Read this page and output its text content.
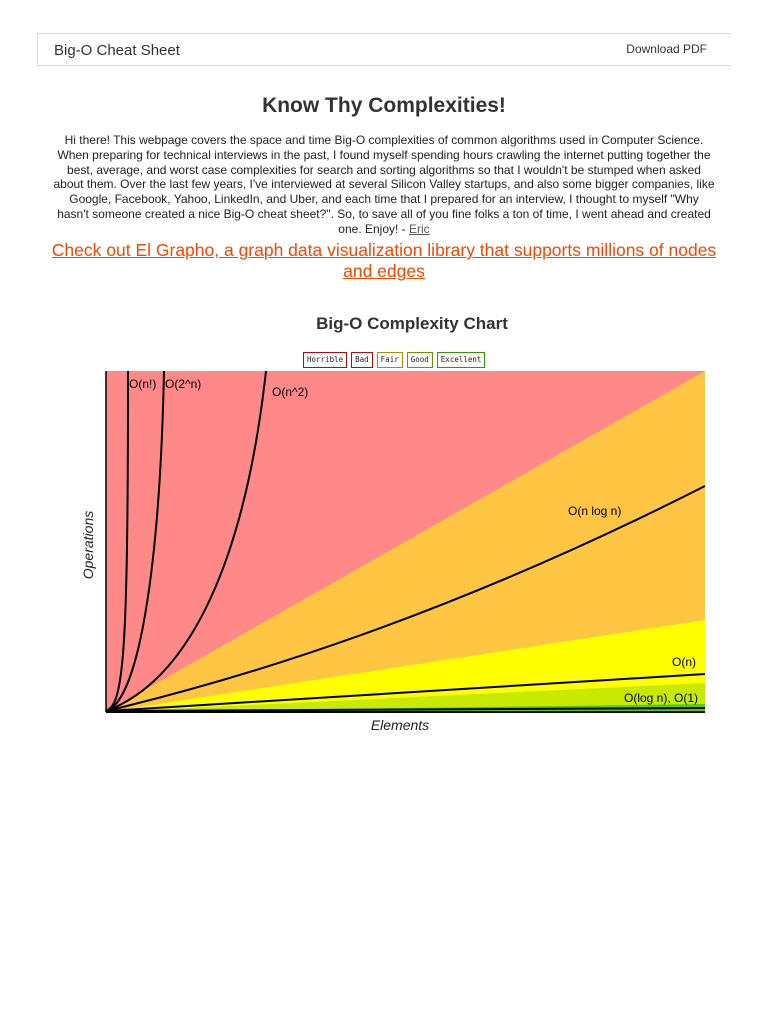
Big-O Cheat Sheet	Download PDF
Know Thy Complexities!
Hi there! This webpage covers the space and time Big-O complexities of common algorithms used in Computer Science. When preparing for technical interviews in the past, I found myself spending hours crawling the internet putting together the best, average, and worst case complexities for search and sorting algorithms so that I wouldn't be stumped when asked about them. Over the last few years, I've interviewed at several Silicon Valley startups, and also some bigger companies, like Google, Facebook, Yahoo, LinkedIn, and Uber, and each time that I prepared for an interview, I thought to myself "Why hasn't someone created a nice Big-O cheat sheet?". So, to save all of you fine folks a ton of time, I went ahead and created one. Enjoy! - Eric
Check out El Grapho, a graph data visualization library that supports millions of nodes and edges
Big-O Complexity Chart
Horrible	Bad	Fair	Good	Excellent
O(n!) O(2^n)
O(n^2)
O(n log n)
O(n)
O(log n), O(1)
Elements
Operations
